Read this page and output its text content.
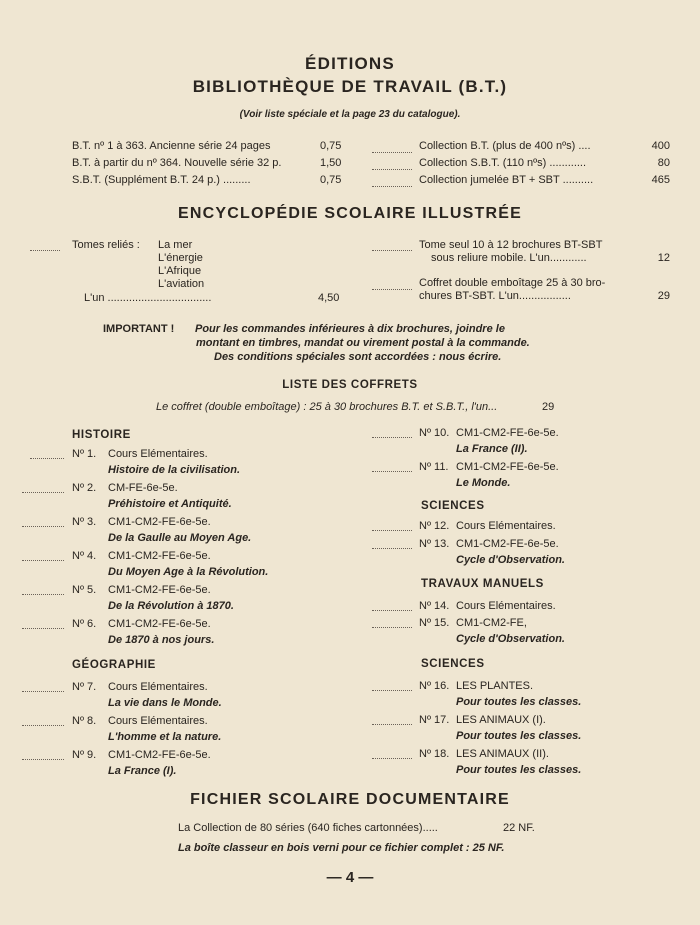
ÉDITIONS
BIBLIOTHÈQUE DE TRAVAIL (B.T.)
(Voir liste spéciale et la page 23 du catalogue).
B.T. nº 1 à 363. Ancienne série 24 pages	0,75
B.T. à partir du nº 364. Nouvelle série 32 p.	1,50
S.B.T. (Supplément B.T. 24 p.) .........	0,75
Collection B.T. (plus de 400 nºs) ....	400
Collection S.B.T. (110 nºs) ............	80
Collection jumelée BT + SBT ..........	465
ENCYCLOPÉDIE SCOLAIRE ILLUSTRÉE
Tomes reliés : La mer
L'énergie
L'Afrique
L'aviation
L'un ..................................	4,50
Tome seul 10 à 12 brochures BT-SBT
sous reliure mobile. L'un............	12
Coffret double emboîtage 25 à 30 bro-
chures BT-SBT. L'un.................	29
IMPORTANT ! Pour les commandes inférieures à dix brochures, joindre le
montant en timbres, mandat ou virement postal à la commande.
Des conditions spéciales sont accordées : nous écrire.
LISTE DES COFFRETS
Le coffret (double emboîtage) : 25 à 30 brochures B.T. et S.B.T., l'un...	29
HISTOIRE
Nº 1. Cours Elémentaires.
Histoire de la civilisation.
Nº 2. CM-FE-6e-5e.
Préhistoire et Antiquité.
Nº 3. CM1-CM2-FE-6e-5e.
De la Gaulle au Moyen Age.
Nº 4. CM1-CM2-FE-6e-5e.
Du Moyen Age à la Révolution.
Nº 5. CM1-CM2-FE-6e-5e.
De la Révolution à 1870.
Nº 6. CM1-CM2-FE-6e-5e.
De 1870 à nos jours.
GÉOGRAPHIE
Nº 7. Cours Elémentaires.
La vie dans le Monde.
Nº 8. Cours Elémentaires.
L'homme et la nature.
Nº 9. CM1-CM2-FE-6e-5e.
La France (I).
Nº 10. CM1-CM2-FE-6e-5e.
La France (II).
Nº 11. CM1-CM2-FE-6e-5e.
Le Monde.
SCIENCES
Nº 12. Cours Elémentaires.
Nº 13. CM1-CM2-FE-6e-5e.
Cycle d'Observation.
TRAVAUX MANUELS
Nº 14. Cours Elémentaires.
Nº 15. CM1-CM2-FE,
Cycle d'Observation.
SCIENCES
Nº 16. LES PLANTES.
Pour toutes les classes.
Nº 17. LES ANIMAUX (I).
Pour toutes les classes.
Nº 18. LES ANIMAUX (II).
Pour toutes les classes.
FICHIER SCOLAIRE DOCUMENTAIRE
La Collection de 80 séries (640 fiches cartonnées).....	22 NF.
La boîte classeur en bois verni pour ce fichier complet : 25 NF.
— 4 —
